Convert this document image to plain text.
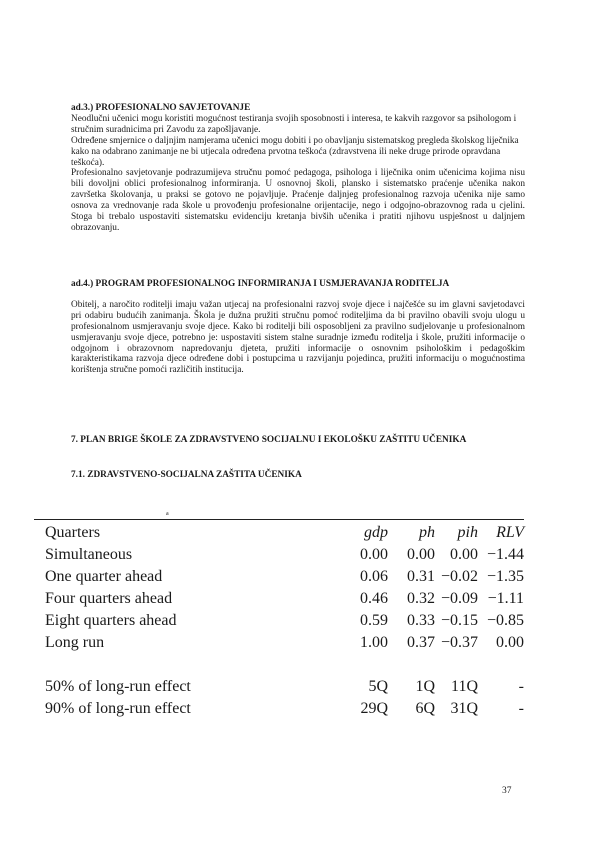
ad.3.) PROFESIONALNO SAVJETOVANJE

Neodlučni učenici mogu koristiti mogućnost testiranja svojih sposobnosti i interesa, te kakvih razgovor sa psihologom i stručnim suradnicima pri Zavodu za zapošljavanje.

Određene smjernice o daljnjim namjerama učenici mogu dobiti i po obavljanju sistematskog pregleda školskog liječnika kako na odabrano zanimanje ne bi utjecala određena prvotna teškoća (zdravstvena ili neke druge prirode opravdana teškoća).

Profesionalno savjetovanje podrazumijeva stručnu pomoć pedagoga, psihologa i liječnika onim učenicima kojima nisu bili dovoljni oblici profesionalnog informiranja. U osnovnoj školi, plansko i sistematsko praćenje učenika nakon završetka školovanja, u praksi se gotovo ne pojavljuje. Praćenje daljnjeg profesionalnog razvoja učenika nije samo osnova za vrednovanje rada škole u provođenju profesionalne orijentacije, nego i odgojno-obrazovnog rada u cjelini. Stoga bi trebalo uspostaviti sistematsku evidenciju kretanja bivših učenika i pratiti njihovu uspješnost u daljnjem obrazovanju.

ad.4.) PROGRAM PROFESIONALNOG INFORMIRANJA I USMJERAVANJA RODITELJA

Obitelj, a naročito roditelji imaju važan utjecaj na profesionalni razvoj svoje djece i najčešće su im glavni savjetodavci pri odabiru budućih zanimanja. Škola je dužna pružiti stručnu pomoć roditeljima da bi pravilno obavili svoju ulogu u profesionalnom usmjeravanju svoje djece. Kako bi roditelji bili osposobljeni za pravilno sudjelovanje u profesionalnom usmjeravanju svoje djece, potrebno je: uspostaviti sistem stalne suradnje između roditelja i škole, pružiti informacije o odgojnom i obrazovnom napredovanju djeteta, pružiti informacije o osnovnim psihološkim i pedagoškim karakteristikama razvoja djece određene dobi i postupcima u razvijanju pojedinca, pružiti informaciju o mogućnostima korištenja stručne pomoći različitih institucija.

7. PLAN BRIGE ŠKOLE ZA ZDRAVSTVENO SOCIJALNU I EKOLOŠKU ZAŠTITU UČENIKA

7.1. ZDRAVSTVENO-SOCIJALNA ZAŠTITA UČENIKA

a
Quarters	gdp ph pih RLV
Simultaneous	0.00 0.00 0.00 −1.44
One quarter ahead	0.06 0.31 −0.02 −1.35
Four quarters ahead	0.46 0.32 −0.09 −1.11
Eight quarters ahead	0.59 0.33 −0.15 −0.85
Long run	1.00 0.37 −0.37 0.00
50% of long-run effect	5Q 1Q 11Q	-
90% of long-run effect	29Q 6Q 31Q	-
37
